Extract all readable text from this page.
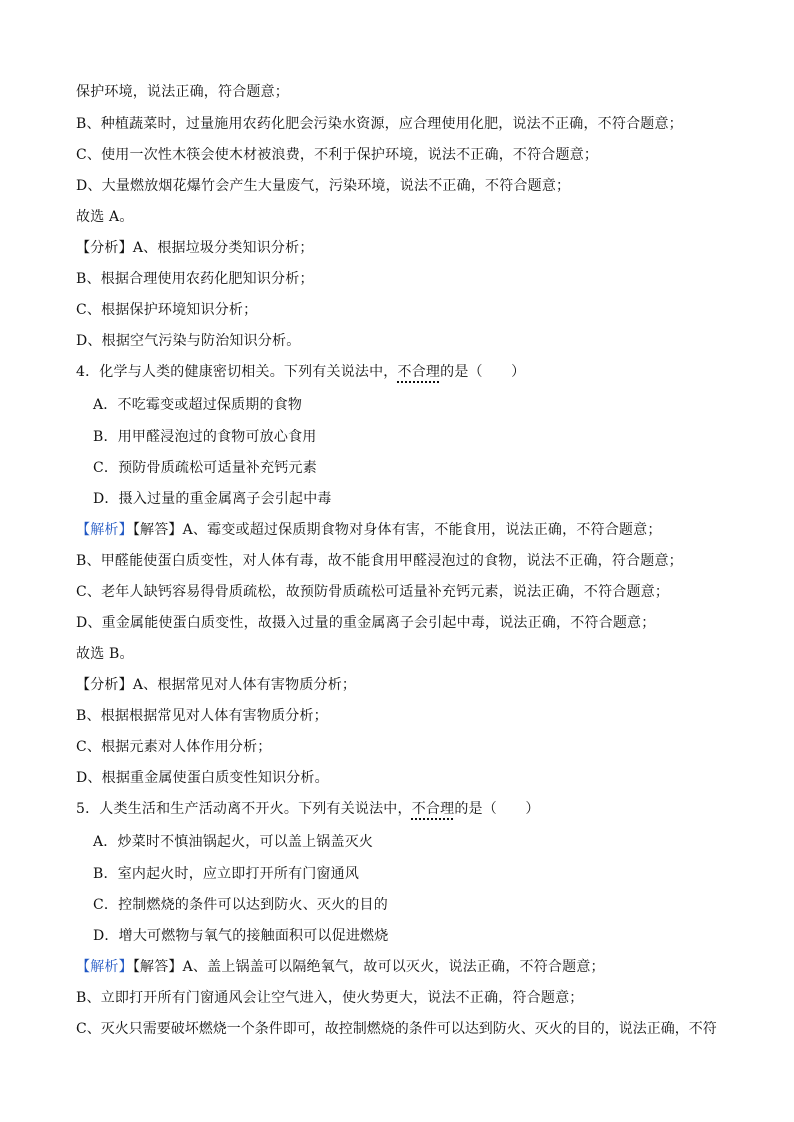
保护环境，说法正确，符合题意；
B、种植蔬菜时，过量施用农药化肥会污染水资源，应合理使用化肥，说法不正确，不符合题意；
C、使用一次性木筷会使木材被浪费，不利于保护环境，说法不正确，不符合题意；
D、大量燃放烟花爆竹会产生大量废气，污染环境，说法不正确，不符合题意；
故选 A。
【分析】A、根据垃圾分类知识分析；
B、根据合理使用农药化肥知识分析；
C、根据保护环境知识分析；
D、根据空气污染与防治知识分析。
4．化学与人类的健康密切相关。下列有关说法中，不合理的是（　　）
A．不吃霉变或超过保质期的食物
B．用甲醛浸泡过的食物可放心食用
C．预防骨质疏松可适量补充钙元素
D．摄入过量的重金属离子会引起中毒
【解析】【解答】A、霉变或超过保质期食物对身体有害，不能食用，说法正确，不符合题意；
B、甲醛能使蛋白质变性，对人体有毒，故不能食用甲醛浸泡过的食物，说法不正确，符合题意；
C、老年人缺钙容易得骨质疏松，故预防骨质疏松可适量补充钙元素，说法正确，不符合题意；
D、重金属能使蛋白质变性，故摄入过量的重金属离子会引起中毒，说法正确，不符合题意；
故选 B。
【分析】A、根据常见对人体有害物质分析；
B、根据根据常见对人体有害物质分析；
C、根据元素对人体作用分析；
D、根据重金属使蛋白质变性知识分析。
5．人类生活和生产活动离不开火。下列有关说法中，不合理的是（　　）
A．炒菜时不慎油锅起火，可以盖上锅盖灭火
B．室内起火时，应立即打开所有门窗通风
C．控制燃烧的条件可以达到防火、灭火的目的
D．增大可燃物与氧气的接触面积可以促进燃烧
【解析】【解答】A、盖上锅盖可以隔绝氧气，故可以灭火，说法正确，不符合题意；
B、立即打开所有门窗通风会让空气进入，使火势更大，说法不正确，符合题意；
C、灭火只需要破坏燃烧一个条件即可，故控制燃烧的条件可以达到防火、灭火的目的，说法正确，不符
